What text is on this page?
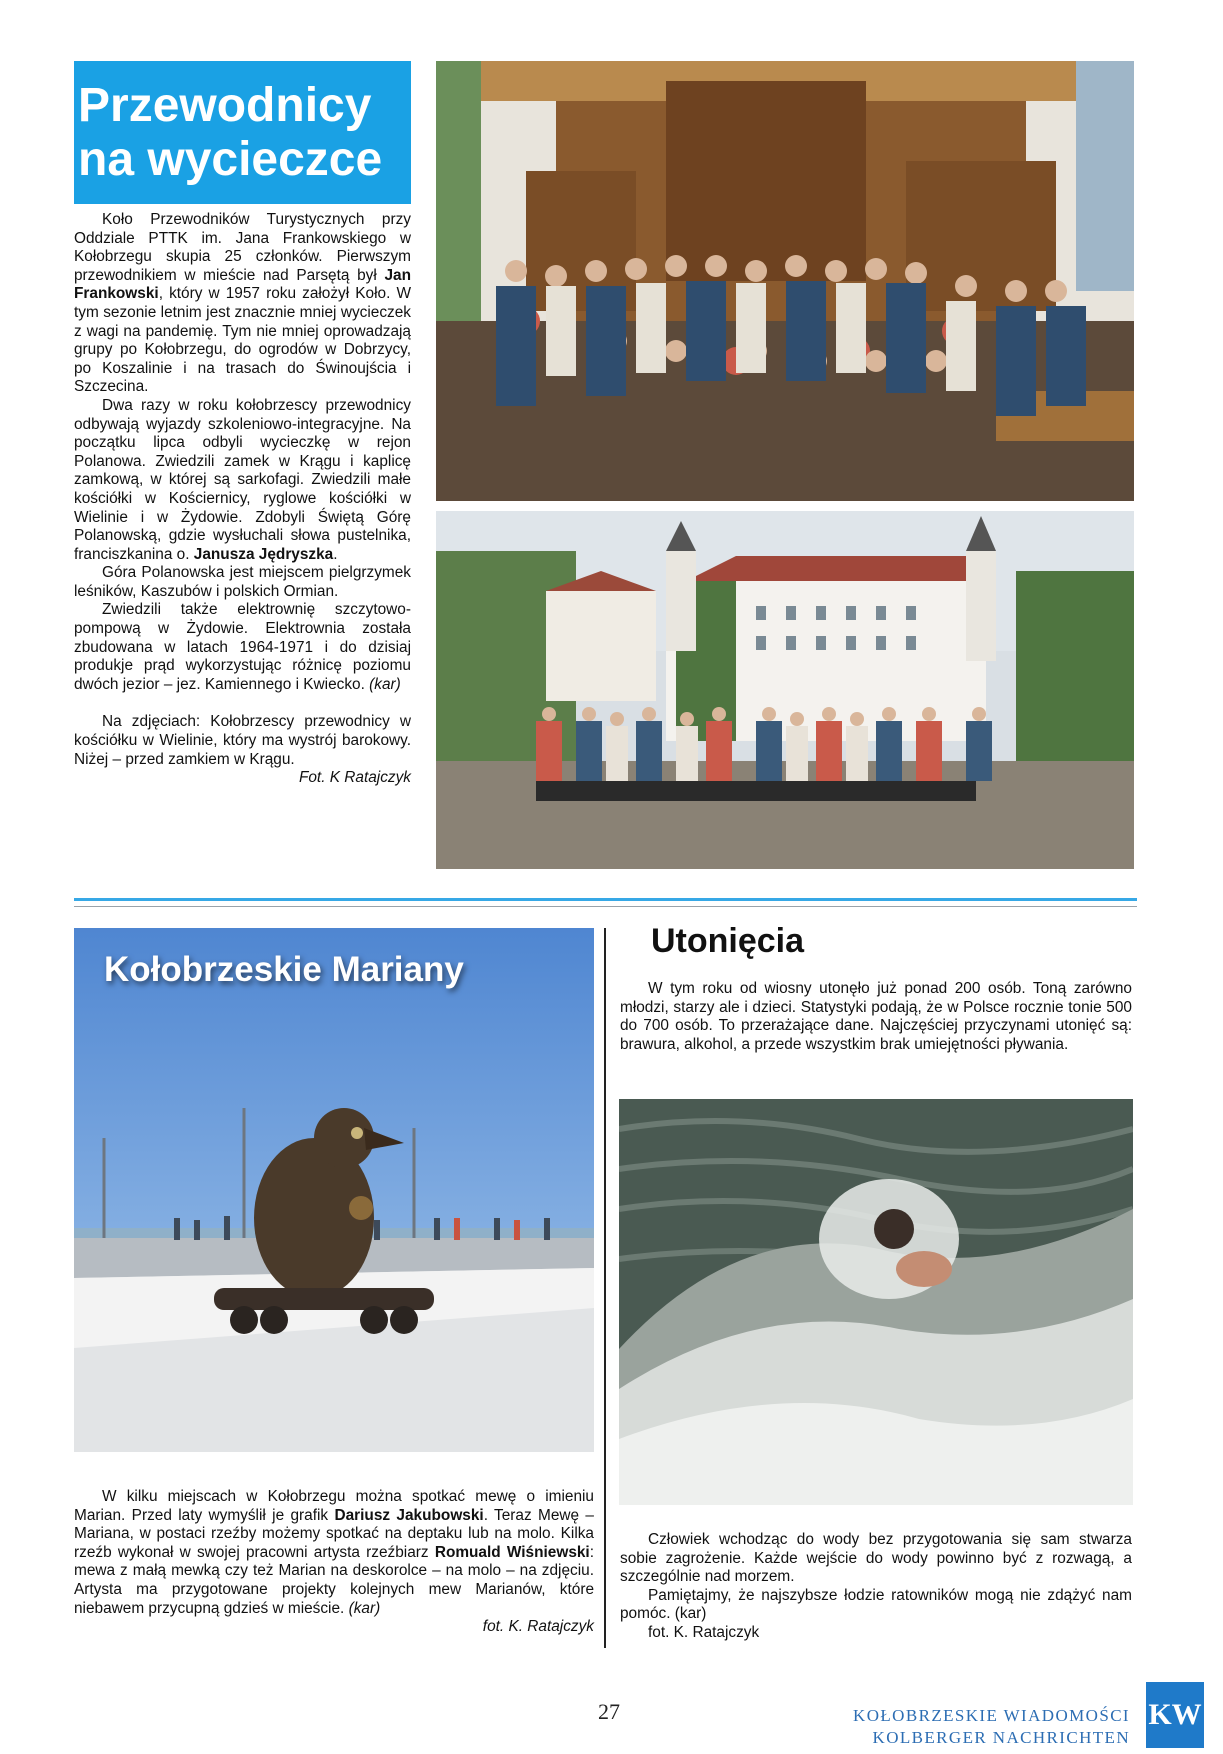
Przewodnicy
na wycieczce

Koło Przewodników Turystycznych przy Oddziale PTTK im. Jana Frankowskiego w Kołobrzegu skupia 25 członków. Pierwszym przewodnikiem w mieście nad Parsętą był Jan Frankowski, który w 1957 roku założył Koło. W tym sezonie letnim jest znacznie mniej wycieczek z wagi na pandemię. Tym nie mniej oprowadzają grupy po Kołobrzegu, do ogrodów w Dobrzycy, po Koszalinie i na trasach do Świnoujścia i Szczecina.

Dwa razy w roku kołobrzescy przewodnicy odbywają wyjazdy szkoleniowo-integracyjne. Na początku lipca odbyli wycieczkę w rejon Polanowa. Zwiedzili zamek w Krągu i kaplicę zamkową, w której są sarkofagi. Zwiedzili małe kościółki w Kościernicy, ryglowe kościółki w Wielinie i w Żydowie. Zdobyli Świętą Górę Polanowską, gdzie wysłuchali słowa pustelnika, franciszkanina o. Janusza Jędryszka.

Góra Polanowska jest miejscem pielgrzymek leśników, Kaszubów i polskich Ormian.

Zwiedzili także elektrownię szczytowo-pompową w Żydowie. Elektrownia została zbudowana w latach 1964-1971 i do dzisiaj produkje prąd wykorzystując różnicę poziomu dwóch jezior – jez. Kamiennego i Kwiecko. (kar)

Na zdjęciach: Kołobrzescy przewodnicy w kościółku w Wielinie, który ma wystrój barokowy. Niżej – przed zamkiem w Krągu.

Fot. K Ratajczyk
Kołobrzeskie Mariany

W kilku miejscach w Kołobrzegu można spotkać mewę o imieniu Marian. Przed laty wymyślił je grafik Dariusz Jakubowski. Teraz Mewę – Mariana, w postaci rzeźby możemy spotkać na deptaku lub na molo. Kilka rzeźb wykonał w swojej pracowni artysta rzeźbiarz Romuald Wiśniewski: mewa z małą mewką czy też Marian na deskorolce – na molo – na zdjęciu. Artysta ma przygotowane projekty kolejnych mew Marianów, które niebawem przycupną gdzieś w mieście. (kar)

fot. K. Ratajczyk
Utonięcia

W tym roku od wiosny utonęło już ponad 200 osób. Toną zarówno młodzi, starzy ale i dzieci. Statystyki podają, że w Polsce rocznie tonie 500 do 700 osób. To przerażające dane. Najczęściej przyczynami utonięć są: brawura, alkohol, a przede wszystkim brak umiejętności pływania.

Człowiek wchodząc do wody bez przygotowania się sam stwarza sobie zagrożenie. Każde wejście do wody powinno być z rozwagą, a szczególnie nad morzem.

Pamiętajmy, że najszybsze łodzie ratowników mogą nie zdążyć nam pomóc. (kar)

fot. K. Ratajczyk

27	KOŁOBRZESKIE WIADOMOŚCI
KOLBERGER NACHRICHTEN
KW
